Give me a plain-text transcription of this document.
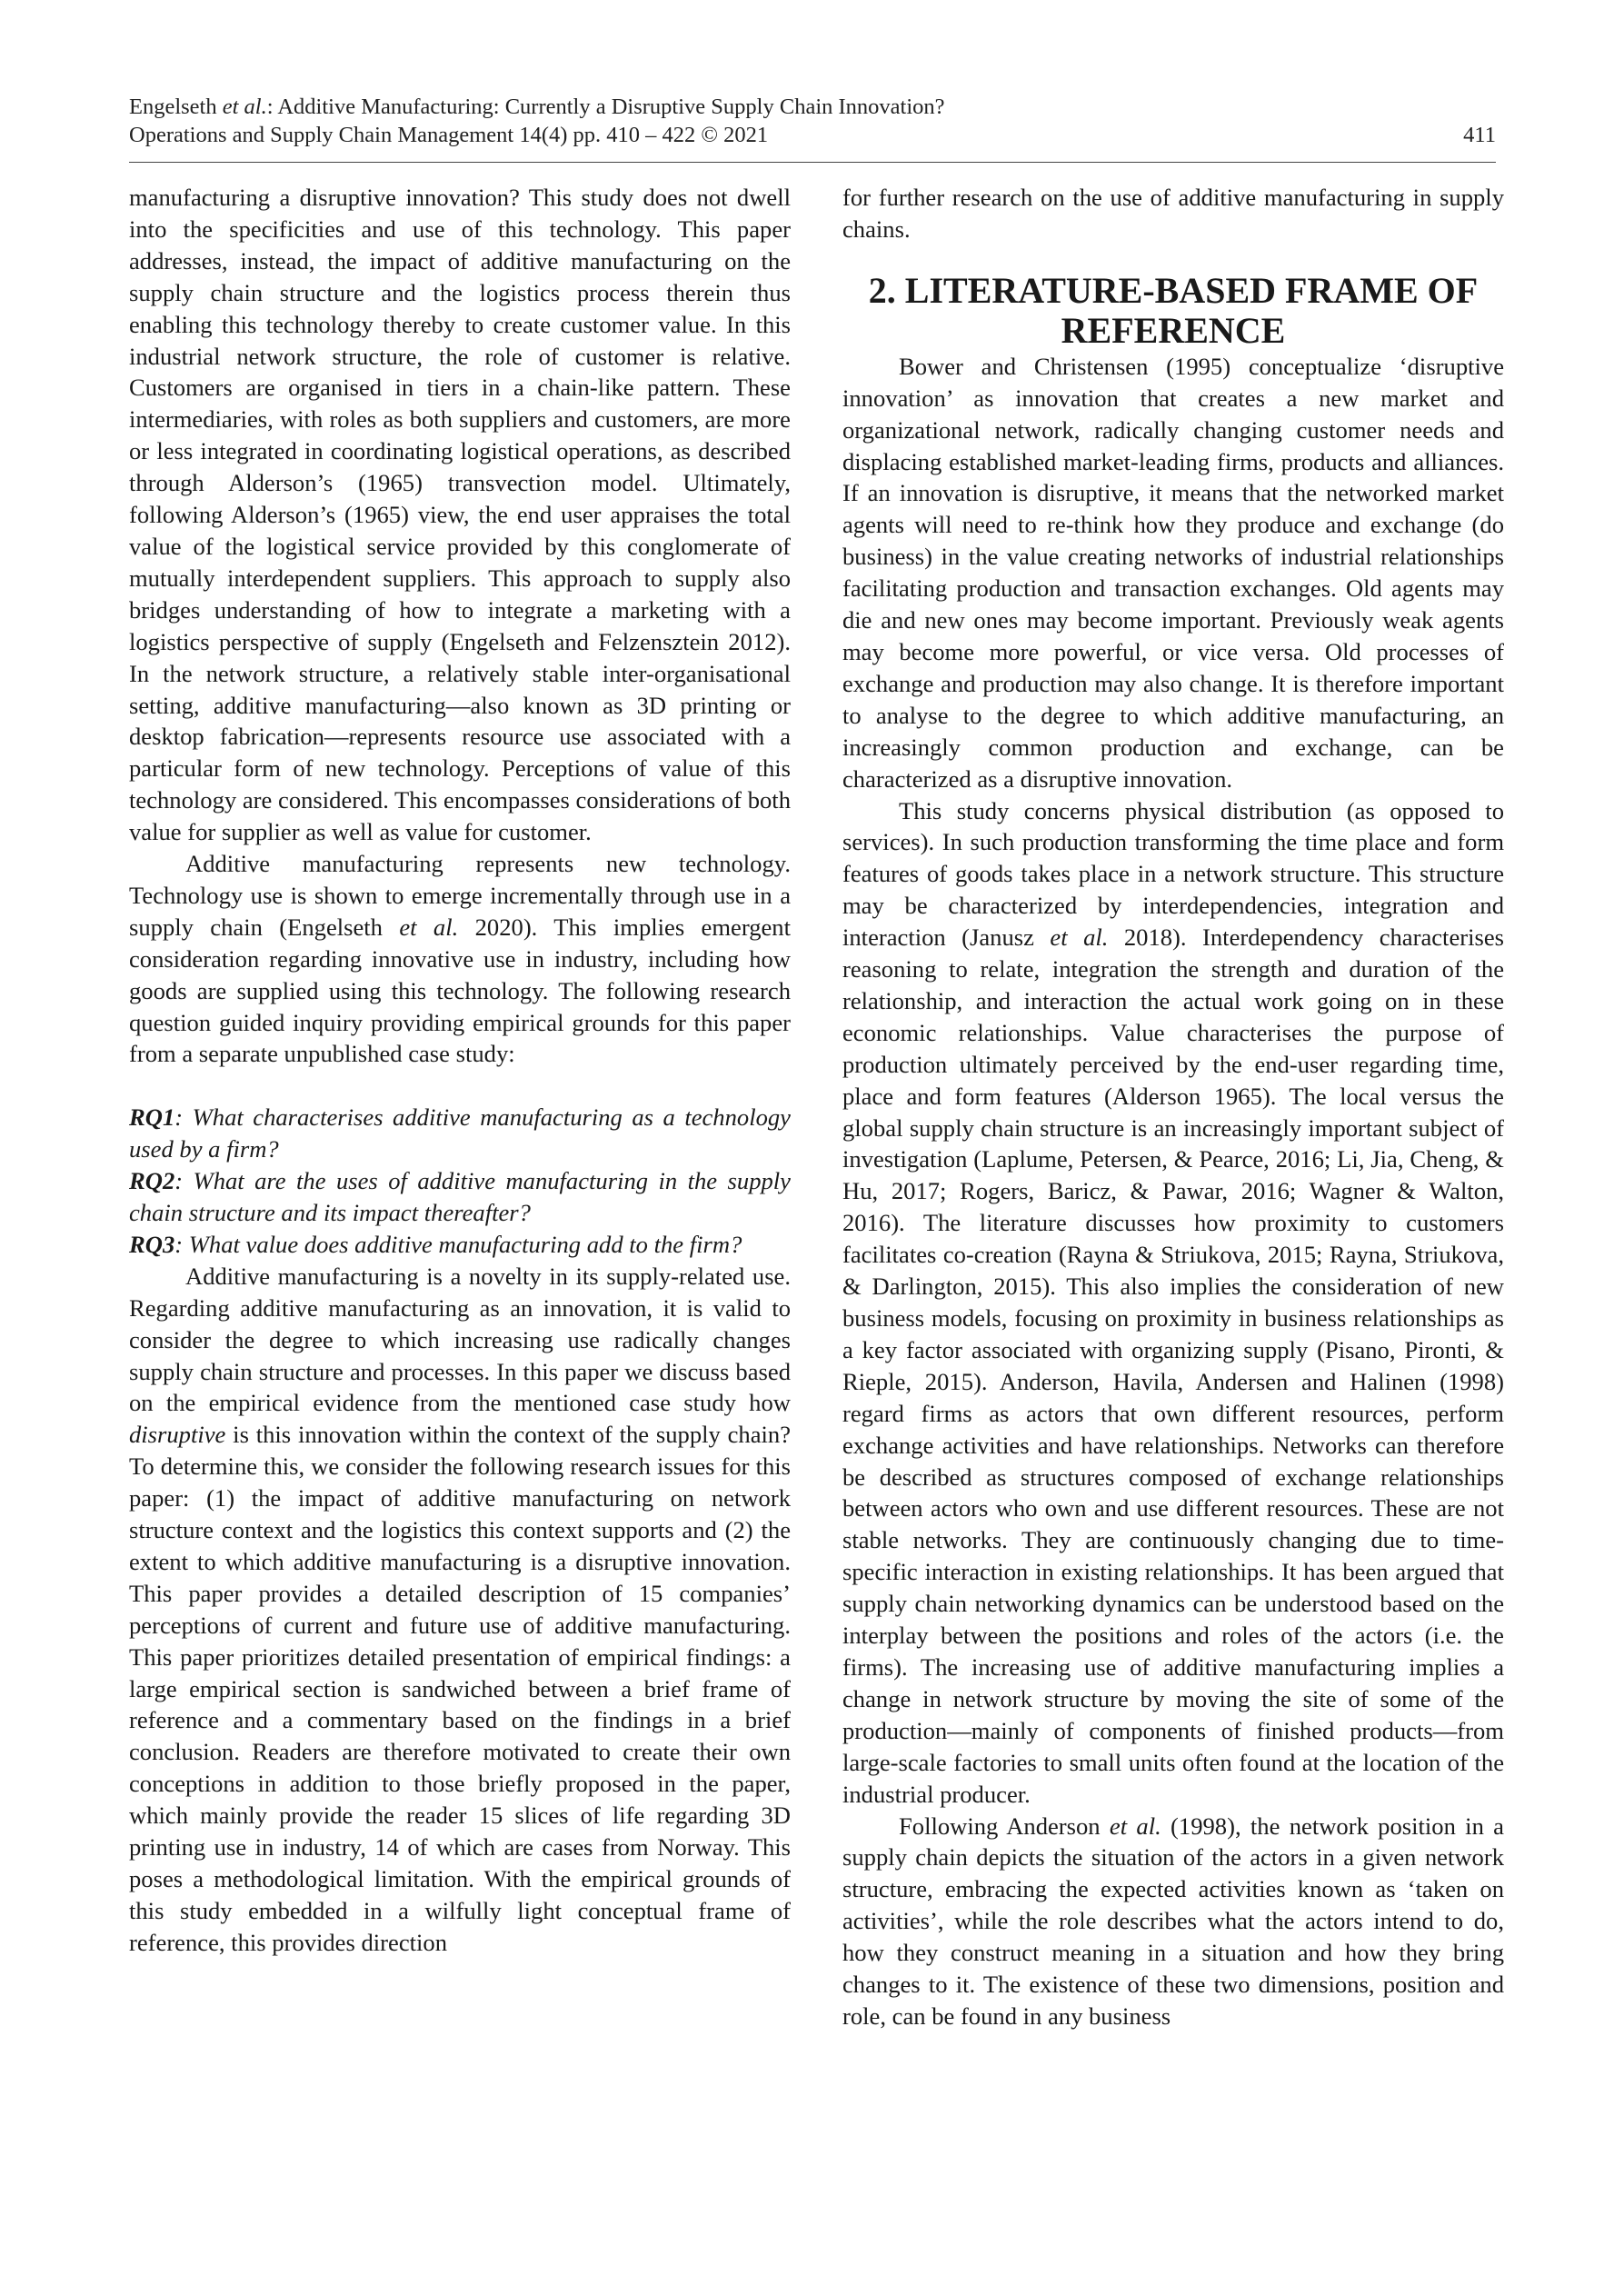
Engelseth et al.: Additive Manufacturing: Currently a Disruptive Supply Chain Innovation?
Operations and Supply Chain Management 14(4) pp. 410 – 422 © 2021	411

manufacturing a disruptive innovation? This study does not dwell into the specificities and use of this technology. This paper addresses, instead, the impact of additive manufacturing on the supply chain structure and the logistics process therein thus enabling this technology thereby to create customer value. In this industrial network structure, the role of customer is relative. Customers are organised in tiers in a chain-like pattern. These intermediaries, with roles as both suppliers and customers, are more or less integrated in coordinating logistical operations, as described through Alderson’s (1965) transvection model. Ultimately, following Alderson’s (1965) view, the end user appraises the total value of the logistical service provided by this conglomerate of mutually interdependent suppliers. This approach to supply also bridges understanding of how to integrate a marketing with a logistics perspective of supply (Engelseth and Felzensztein 2012). In the network structure, a relatively stable inter-organisational setting, additive manufacturing—also known as 3D printing or desktop fabrication—represents resource use associated with a particular form of new technology. Perceptions of value of this technology are considered. This encompasses considerations of both value for supplier as well as value for customer.

Additive manufacturing represents new technology. Technology use is shown to emerge incrementally through use in a supply chain (Engelseth et al. 2020). This implies emergent consideration regarding innovative use in industry, including how goods are supplied using this technology. The following research question guided inquiry providing empirical grounds for this paper from a separate unpublished case study:

RQ1: What characterises additive manufacturing as a technology used by a firm?

RQ2: What are the uses of additive manufacturing in the supply chain structure and its impact thereafter?

RQ3: What value does additive manufacturing add to the firm?

Additive manufacturing is a novelty in its supply-related use. Regarding additive manufacturing as an innovation, it is valid to consider the degree to which increasing use radically changes supply chain structure and processes. In this paper we discuss based on the empirical evidence from the mentioned case study how disruptive is this innovation within the context of the supply chain? To determine this, we consider the following research issues for this paper: (1) the impact of additive manufacturing on network structure context and the logistics this context supports and (2) the extent to which additive manufacturing is a disruptive innovation. This paper provides a detailed description of 15 companies’ perceptions of current and future use of additive manufacturing. This paper prioritizes detailed presentation of empirical findings: a large empirical section is sandwiched between a brief frame of reference and a commentary based on the findings in a brief conclusion. Readers are therefore motivated to create their own conceptions in addition to those briefly proposed in the paper, which mainly provide the reader 15 slices of life regarding 3D printing use in industry, 14 of which are cases from Norway. This poses a methodological limitation. With the empirical grounds of this study embedded in a wilfully light conceptual frame of reference, this provides direction

for further research on the use of additive manufacturing in supply chains.

2. LITERATURE-BASED FRAME OF REFERENCE

Bower and Christensen (1995) conceptualize ‘disruptive innovation’ as innovation that creates a new market and organizational network, radically changing customer needs and displacing established market-leading firms, products and alliances. If an innovation is disruptive, it means that the networked market agents will need to re-think how they produce and exchange (do business) in the value creating networks of industrial relationships facilitating production and transaction exchanges. Old agents may die and new ones may become important. Previously weak agents may become more powerful, or vice versa. Old processes of exchange and production may also change. It is therefore important to analyse to the degree to which additive manufacturing, an increasingly common production and exchange, can be characterized as a disruptive innovation.

This study concerns physical distribution (as opposed to services). In such production transforming the time place and form features of goods takes place in a network structure. This structure may be characterized by interdependencies, integration and interaction (Janusz et al. 2018). Interdependency characterises reasoning to relate, integration the strength and duration of the relationship, and interaction the actual work going on in these economic relationships. Value characterises the purpose of production ultimately perceived by the end-user regarding time, place and form features (Alderson 1965). The local versus the global supply chain structure is an increasingly important subject of investigation (Laplume, Petersen, & Pearce, 2016; Li, Jia, Cheng, & Hu, 2017; Rogers, Baricz, & Pawar, 2016; Wagner & Walton, 2016). The literature discusses how proximity to customers facilitates co-creation (Rayna & Striukova, 2015; Rayna, Striukova, & Darlington, 2015). This also implies the consideration of new business models, focusing on proximity in business relationships as a key factor associated with organizing supply (Pisano, Pironti, & Rieple, 2015). Anderson, Havila, Andersen and Halinen (1998) regard firms as actors that own different resources, perform exchange activities and have relationships. Networks can therefore be described as structures composed of exchange relationships between actors who own and use different resources. These are not stable networks. They are continuously changing due to time-specific interaction in existing relationships. It has been argued that supply chain networking dynamics can be understood based on the interplay between the positions and roles of the actors (i.e. the firms). The increasing use of additive manufacturing implies a change in network structure by moving the site of some of the production—mainly of components of finished products—from large-scale factories to small units often found at the location of the industrial producer.

Following Anderson et al. (1998), the network position in a supply chain depicts the situation of the actors in a given network structure, embracing the expected activities known as ‘taken on activities’, while the role describes what the actors intend to do, how they construct meaning in a situation and how they bring changes to it. The existence of these two dimensions, position and role, can be found in any business
